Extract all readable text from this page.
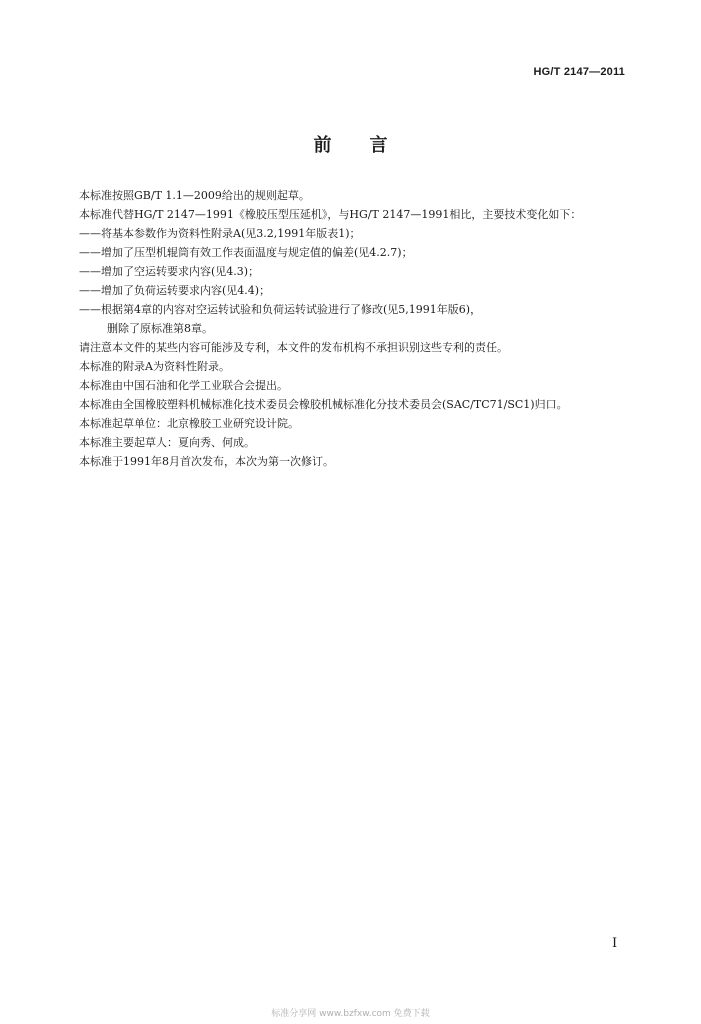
HG/T 2147—2011
前言

本标准按照GB/T 1.1—2009给出的规则起草。

本标准代替HG/T 2147—1991《橡胶压型压延机》，与HG/T 2147—1991相比，主要技术变化如下：

——将基本参数作为资料性附录A(见3.2,1991年版表1)；

——增加了压型机辊筒有效工作表面温度与规定值的偏差(见4.2.7)；

——增加了空运转要求内容(见4.3)；

——增加了负荷运转要求内容(见4.4)；

——根据第4章的内容对空运转试验和负荷运转试验进行了修改(见5,1991年版6)，

删除了原标准第8章。

请注意本文件的某些内容可能涉及专利，本文件的发布机构不承担识别这些专利的责任。

本标准的附录A为资料性附录。

本标准由中国石油和化学工业联合会提出。

本标准由全国橡胶塑料机械标准化技术委员会橡胶机械标准化分技术委员会(SAC/TC71/SC1)归口。

本标准起草单位：北京橡胶工业研究设计院。

本标准主要起草人：夏向秀、何成。

本标准于1991年8月首次发布，本次为第一次修订。

I
标准分享网 www.bzfxw.com 免费下载
